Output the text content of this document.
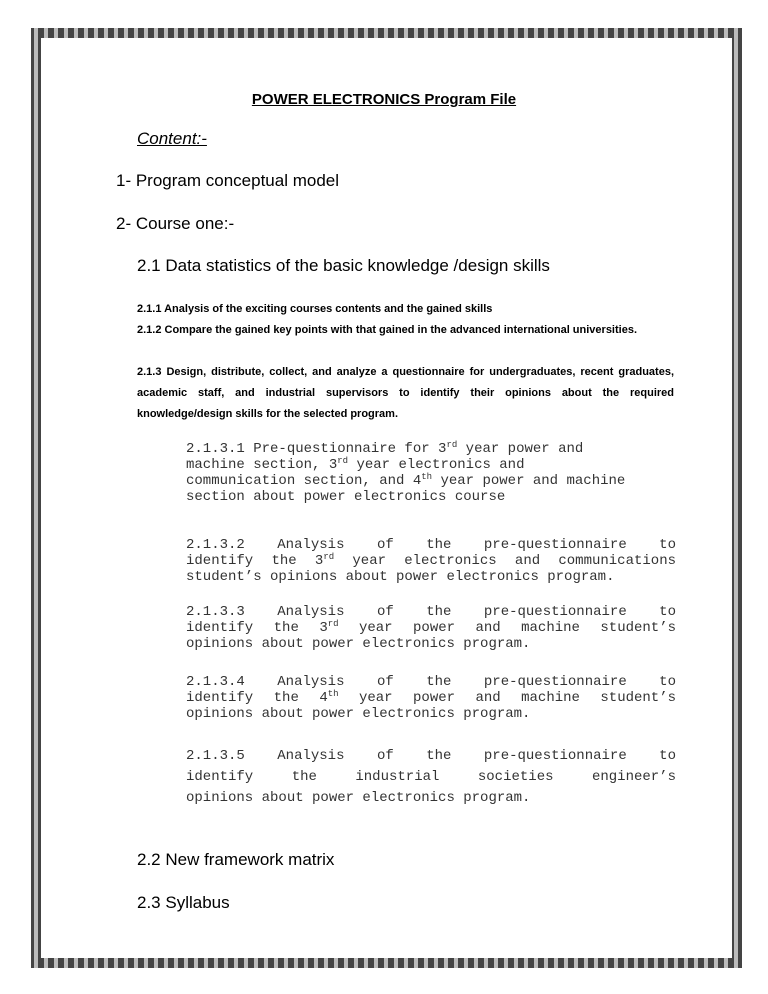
POWER ELECTRONICS Program File
Content:-
1- Program conceptual model
2- Course one:-
2.1 Data statistics of the basic knowledge /design skills
2.1.1 Analysis of the exciting courses contents and the gained skills
2.1.2 Compare the gained key points with that gained in the advanced international universities.
2.1.3 Design, distribute, collect, and analyze a questionnaire for undergraduates, recent graduates, academic staff, and industrial supervisors to identify their opinions about the required knowledge/design skills for the selected program.
2.1.3.1 Pre-questionnaire for 3rd year power and
machine section, 3rd year electronics and
communication section, and 4th year power and machine
section about power electronics course
2.1.3.2 Analysis of the pre-questionnaire to
identify the 3rd year electronics and communications
student’s opinions about power electronics program.
2.1.3.3 Analysis of the pre-questionnaire to
identify the 3rd year power and machine student’s
opinions about power electronics program.
2.1.3.4 Analysis of the pre-questionnaire to
identify the 4th year power and machine student’s
opinions about power electronics program.
2.1.3.5 Analysis of the pre-questionnaire to
identify the industrial societies engineer’s
opinions about power electronics program.
2.2 New framework matrix
2.3 Syllabus
